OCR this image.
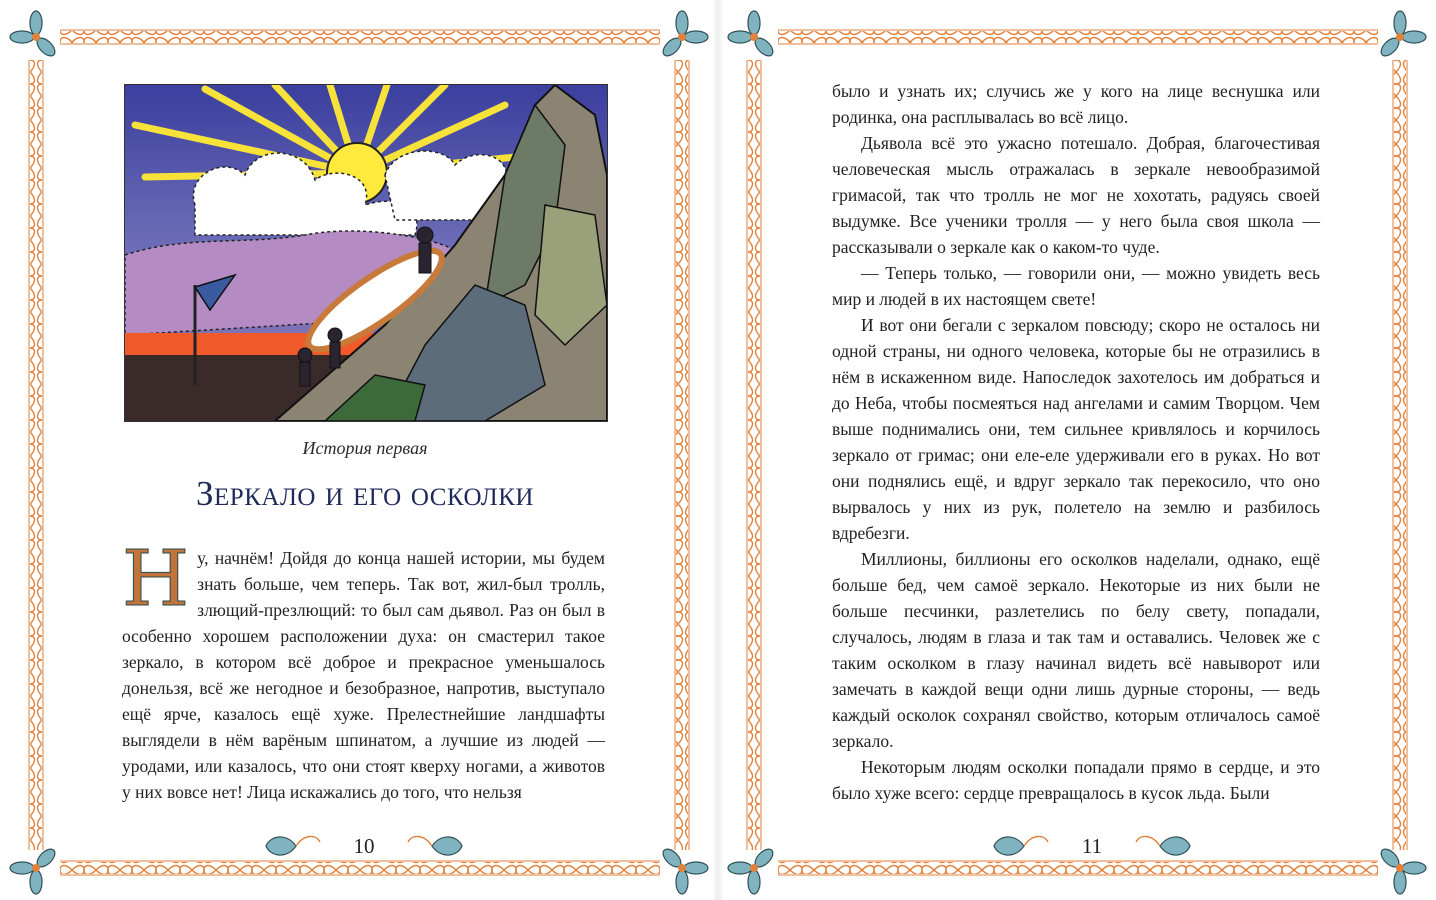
История первая
Зеркало и его осколки

Ну, начнём! Дойдя до конца нашей истории, мы будем знать больше, чем теперь. Так вот, жил-был тролль, злющий-презлющий: то был сам дьявол. Раз он был в особенно хорошем расположении духа: он смастерил такое зеркало, в котором всё доброе и прекрасное уменьшалось донельзя, всё же негодное и безобразное, напротив, выступало ещё ярче, казалось ещё хуже. Прелестнейшие ландшафты выглядели в нём варёным шпинатом, а лучшие из людей — уродами, или казалось, что они стоят кверху ногами, а животов у них вовсе нет! Лица искажались до того, что нельзя

10

было и узнать их; случись же у кого на лице веснушка или родинка, она расплывалась во всё лицо.

Дьявола всё это ужасно потешало. Добрая, благочестивая человеческая мысль отражалась в зеркале невообразимой гримасой, так что тролль не мог не хохотать, радуясь своей выдумке. Все ученики тролля — у него была своя школа — рассказывали о зеркале как о каком-то чуде.

— Теперь только, — говорили они, — можно увидеть весь мир и людей в их настоящем свете!

И вот они бегали с зеркалом повсюду; скоро не осталось ни одной страны, ни одного человека, которые бы не отразились в нём в искаженном виде. Напоследок захотелось им добраться и до Неба, чтобы посмеяться над ангелами и самим Творцом. Чем выше поднимались они, тем сильнее кривлялось и корчилось зеркало от гримас; они еле-еле удерживали его в руках. Но вот они поднялись ещё, и вдруг зеркало так перекосило, что оно вырвалось у них из рук, полетело на землю и разбилось вдребезги.

Миллионы, биллионы его осколков наделали, однако, ещё больше бед, чем самоё зеркало. Некоторые из них были не больше песчинки, разлетелись по белу свету, попадали, случалось, людям в глаза и так там и оставались. Человек же с таким осколком в глазу начинал видеть всё навыворот или замечать в каждой вещи одни лишь дурные стороны, — ведь каждый осколок сохранял свойство, которым отличалось самоё зеркало.

Некоторым людям осколки попадали прямо в сердце, и это было хуже всего: сердце превращалось в кусок льда. Были

11
